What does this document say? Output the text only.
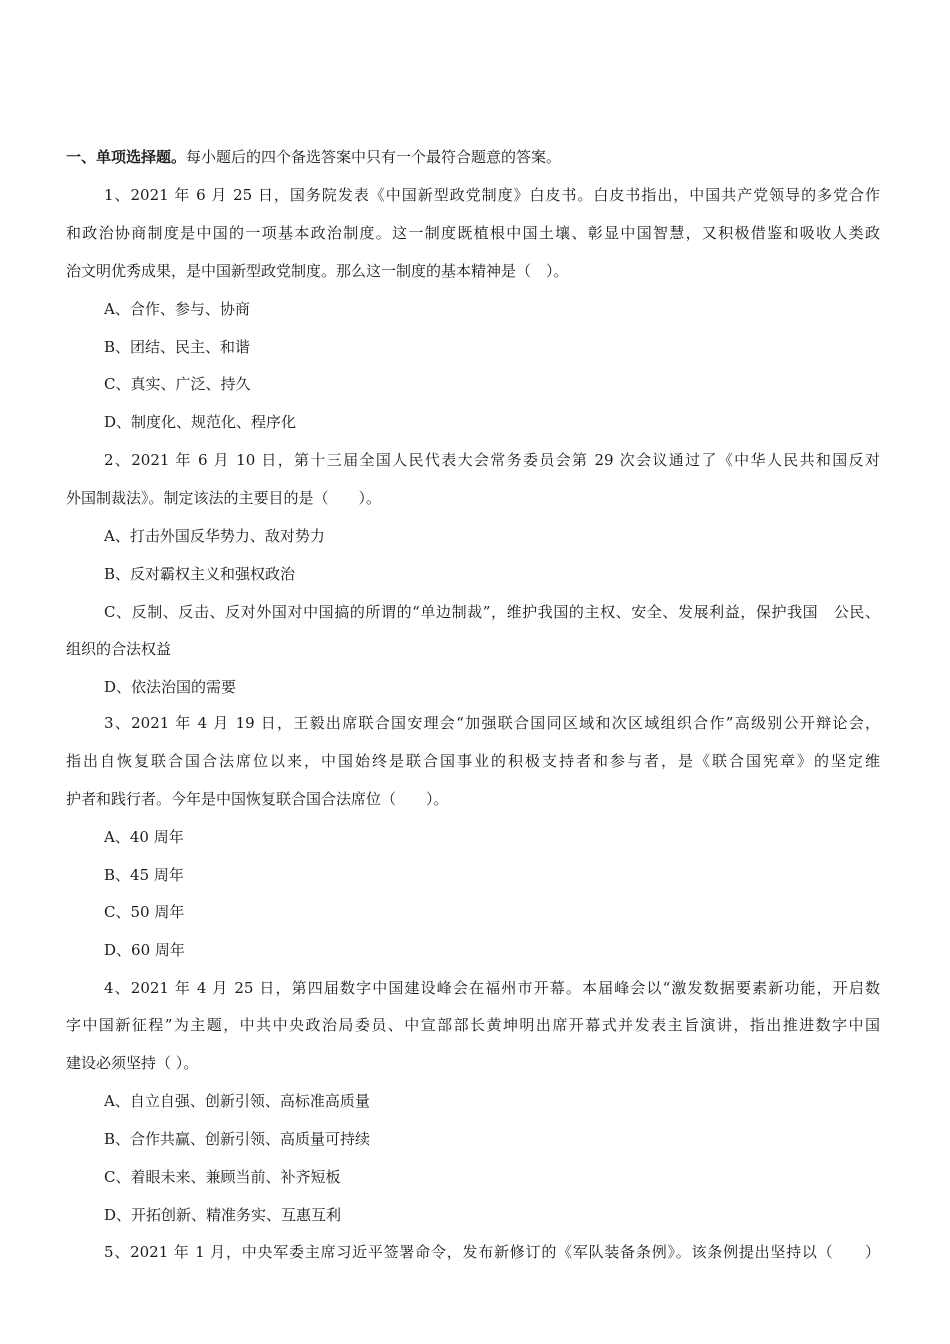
一、单项选择题。每小题后的四个备选答案中只有一个最符合题意的答案。
1、2021 年 6 月 25 日，国务院发表《中国新型政党制度》白皮书。白皮书指出，中国共产党领导的多党合作
和政治协商制度是中国的一项基本政治制度。这一制度既植根中国土壤、彰显中国智慧，又积极借鉴和吸收人类政
治文明优秀成果，是中国新型政党制度。那么这一制度的基本精神是（　）。
A、合作、参与、协商
B、团结、民主、和谐
C、真实、广泛、持久
D、制度化、规范化、程序化
2、2021 年 6 月 10 日，第十三届全国人民代表大会常务委员会第 29 次会议通过了《中华人民共和国反对
外国制裁法》。制定该法的主要目的是（　　）。
A、打击外国反华势力、敌对势力
B、反对霸权主义和强权政治
C、反制、反击、反对外国对中国搞的所谓的“单边制裁”，维护我国的主权、安全、发展利益，保护我国　公民、
组织的合法权益
D、依法治国的需要
3、2021 年 4 月 19 日，王毅出席联合国安理会“加强联合国同区域和次区域组织合作”高级别公开辩论会，
指出自恢复联合国合法席位以来，中国始终是联合国事业的积极支持者和参与者，是《联合国宪章》的坚定维
护者和践行者。今年是中国恢复联合国合法席位（　　）。
A、40 周年
B、45 周年
C、50 周年
D、60 周年
4、2021 年 4 月 25 日，第四届数字中国建设峰会在福州市开幕。本届峰会以“激发数据要素新功能，开启数
字中国新征程”为主题，中共中央政治局委员、中宣部部长黄坤明出席开幕式并发表主旨演讲，指出推进数字中国
建设必须坚持（ ）。
A、自立自强、创新引领、高标准高质量
B、合作共赢、创新引领、高质量可持续
C、着眼未来、兼顾当前、补齐短板
D、开拓创新、精准务实、互惠互利
5、2021 年 1 月，中央军委主席习近平签署命令，发布新修订的《军队装备条例》。该条例提出坚持以（　　）
